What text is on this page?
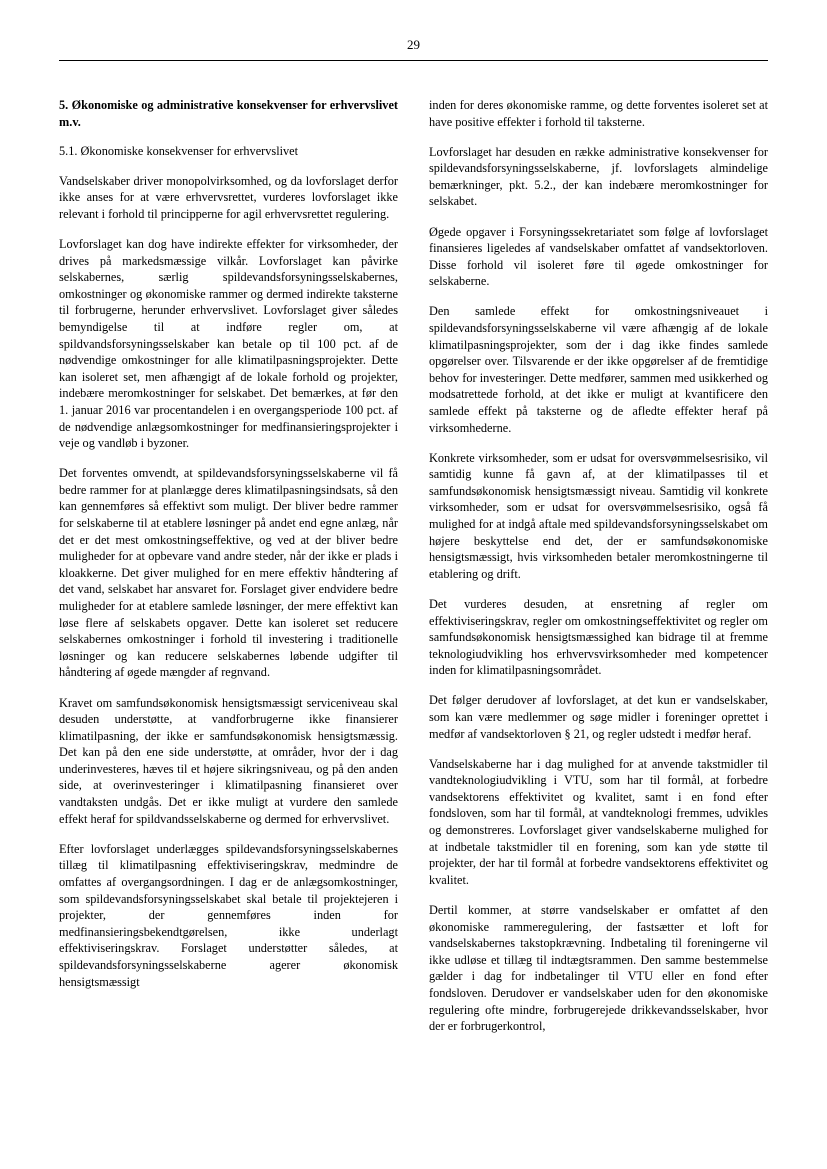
29
5. Økonomiske og administrative konsekvenser for erhvervslivet m.v.
5.1. Økonomiske konsekvenser for erhvervslivet

Vandselskaber driver monopolvirksomhed, og da lovforslaget derfor ikke anses for at være erhvervsrettet, vurderes lovforslaget ikke relevant i forhold til principperne for agil erhvervsrettet regulering.

Lovforslaget kan dog have indirekte effekter for virksomheder, der drives på markedsmæssige vilkår. Lovforslaget kan påvirke selskabernes, særlig spildevandsforsyningsselskabernes, omkostninger og økonomiske rammer og dermed indirekte taksterne til forbrugerne, herunder erhvervslivet. Lovforslaget giver således bemyndigelse til at indføre regler om, at spildvandsforsyningsselskaber kan betale op til 100 pct. af de nødvendige omkostninger for alle klimatilpasningsprojekter. Dette kan isoleret set, men afhængigt af de lokale forhold og projekter, indebære meromkostninger for selskabet. Det bemærkes, at før den 1. januar 2016 var procentandelen i en overgangsperiode 100 pct. af de nødvendige anlægsomkostninger for medfinansieringsprojekter i veje og vandløb i byzoner.

Det forventes omvendt, at spildevandsforsyningsselskaberne vil få bedre rammer for at planlægge deres klimatilpasningsindsats, så den kan gennemføres så effektivt som muligt. Der bliver bedre rammer for selskaberne til at etablere løsninger på andet end egne anlæg, når det er det mest omkostningseffektive, og ved at der bliver bedre muligheder for at opbevare vand andre steder, når der ikke er plads i kloakkerne. Det giver mulighed for en mere effektiv håndtering af det vand, selskabet har ansvaret for. Forslaget giver endvidere bedre muligheder for at etablere samlede løsninger, der mere effektivt kan løse flere af selskabets opgaver. Dette kan isoleret set reducere selskabernes omkostninger i forhold til investering i traditionelle løsninger og kan reducere selskabernes løbende udgifter til håndtering af øgede mængder af regnvand.

Kravet om samfundsøkonomisk hensigtsmæssigt serviceniveau skal desuden understøtte, at vandforbrugerne ikke finansierer klimatilpasning, der ikke er samfundsøkonomisk hensigtsmæssig. Det kan på den ene side understøtte, at områder, hvor der i dag underinvesteres, hæves til et højere sikringsniveau, og på den anden side, at overinvesteringer i klimatilpasning finansieret over vandtaksten undgås. Det er ikke muligt at vurdere den samlede effekt heraf for spildvandsselskaberne og dermed for erhvervslivet.

Efter lovforslaget underlægges spildevandsforsyningsselskabernes tillæg til klimatilpasning effektiviseringskrav, medmindre de omfattes af overgangsordningen. I dag er de anlægsomkostninger, som spildevandsforsyningsselskabet skal betale til projektejeren i projekter, der gennemføres inden for medfinansieringsbekendtgørelsen, ikke underlagt effektiviseringskrav. Forslaget understøtter således, at spildevandsforsyningsselskaberne agerer økonomisk hensigtsmæssigt

inden for deres økonomiske ramme, og dette forventes isoleret set at have positive effekter i forhold til taksterne.

Lovforslaget har desuden en række administrative konsekvenser for spildevandsforsyningsselskaberne, jf. lovforslagets almindelige bemærkninger, pkt. 5.2., der kan indebære meromkostninger for selskabet.

Øgede opgaver i Forsyningssekretariatet som følge af lovforslaget finansieres ligeledes af vandselskaber omfattet af vandsektorloven. Disse forhold vil isoleret føre til øgede omkostninger for selskaberne.

Den samlede effekt for omkostningsniveauet i spildevandsforsyningsselskaberne vil være afhængig af de lokale klimatilpasningsprojekter, som der i dag ikke findes samlede opgørelser over. Tilsvarende er der ikke opgørelser af de fremtidige behov for investeringer. Dette medfører, sammen med usikkerhed og modsatrettede forhold, at det ikke er muligt at kvantificere den samlede effekt på taksterne og de afledte effekter heraf på virksomhederne.

Konkrete virksomheder, som er udsat for oversvømmelsesrisiko, vil samtidig kunne få gavn af, at der klimatilpasses til et samfundsøkonomisk hensigtsmæssigt niveau. Samtidig vil konkrete virksomheder, som er udsat for oversvømmelsesrisiko, også få mulighed for at indgå aftale med spildevandsforsyningsselskabet om højere beskyttelse end det, der er samfundsøkonomiske hensigtsmæssigt, hvis virksomheden betaler meromkostningerne til etablering og drift.

Det vurderes desuden, at ensretning af regler om effektiviseringskrav, regler om omkostningseffektivitet og regler om samfundsøkonomisk hensigtsmæssighed kan bidrage til at fremme teknologiudvikling hos erhvervsvirksomheder med kompetencer inden for klimatilpasningsområdet.

Det følger derudover af lovforslaget, at det kun er vandselskaber, som kan være medlemmer og søge midler i foreninger oprettet i medfør af vandsektorloven § 21, og regler udstedt i medfør heraf.

Vandselskaberne har i dag mulighed for at anvende takstmidler til vandteknologiudvikling i VTU, som har til formål, at forbedre vandsektorens effektivitet og kvalitet, samt i en fond efter fondsloven, som har til formål, at vandteknologi fremmes, udvikles og demonstreres. Lovforslaget giver vandselskaberne mulighed for at indbetale takstmidler til en forening, som kan yde støtte til projekter, der har til formål at forbedre vandsektorens effektivitet og kvalitet.

Dertil kommer, at større vandselskaber er omfattet af den økonomiske rammeregulering, der fastsætter et loft for vandselskabernes takstopkrævning. Indbetaling til foreningerne vil ikke udløse et tillæg til indtægtsrammen. Den samme bestemmelse gælder i dag for indbetalinger til VTU eller en fond efter fondsloven. Derudover er vandselskaber uden for den økonomiske regulering ofte mindre, forbrugerejede drikkevandsselskaber, hvor der er forbrugerkontrol,
